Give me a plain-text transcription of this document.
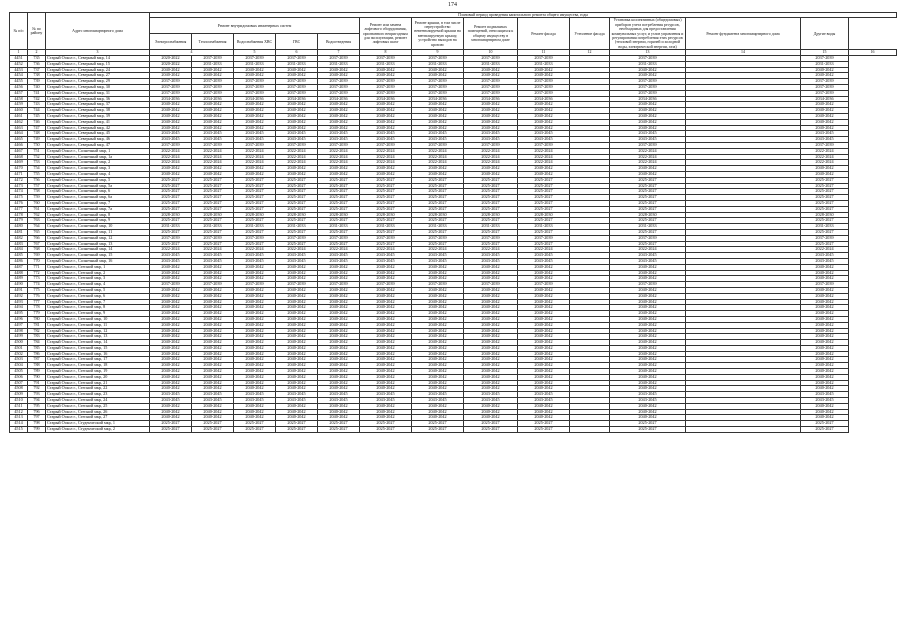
174
№ п/п	№ по району	Адрес многоквартирного дома	Плановый период проведения капитального ремонта общего имущества, годы													
			Ремонт внутридомовых инженерных систем					Ремонт или замена лифтового оборудования, признанного непригодным для эксплуатации, ремонт лифтовых шахт	Ремонт крыши, в том числе переустройство невентилируемой крыши на вентилируемую крышу, устройство выходов на кровлю	Ремонт подвальных помещений, относящихся к общему имуществу в многоквартирном доме	Ремонт фасада	Утепление фасада	Установка коллективных (общедомовых) приборов учета потребления ресурсов, необходимых для предоставления коммунальных услуг, и узлов управления и регулирования потребления этих ресурсов (тепловой энергии, горячей и холодной воды, электрической энергии, газа)	Ремонт фундамента многоквартирного дома	Другие виды	
			Электроснабжения	Теплоснабжения	Водоснабжения ХВС	ГВС	Водоотведения									
1	2	3	4		5	6	7	8	9	10	11	12	13	14	15	16
4451	735	Старый Оскол г., Северный мкр, 14	2020-2022	2037-2039	2037-2039	2037-2039	2037-2039	2037-2039	2037-2039	2037-2039	2037-2039		2037-2039		2037-2039	
4452	736	Старый Оскол г., Северный мкр, 15	2020-2022	2031-2033	2031-2033	2031-2033	2031-2033	2031-2033	2031-2033	2031-2033	2031-2033		2031-2033		2031-2033	
4453	737	Старый Оскол г., Северный мкр, 24	2040-2042	2040-2042	2040-2042	2040-2042	2040-2042	2040-2042	2040-2042	2040-2042	2040-2042		2040-2042		2040-2042	
4454	738	Старый Оскол г., Северный мкр, 27	2040-2042	2040-2042	2040-2042	2040-2042	2040-2042	2040-2042	2040-2042	2040-2042	2040-2042		2040-2042		2040-2042	
4455	739	Старый Оскол г., Северный мкр, 29	2037-2039	2037-2039	2037-2039	2037-2039	2037-2039	2037-2039	2037-2039	2037-2039	2037-2039		2037-2039		2037-2039	
4456	740	Старый Оскол г., Северный мкр, 30	2037-2039	2037-2039	2037-2039	2037-2039	2037-2039	2037-2039	2037-2039	2037-2039	2037-2039		2037-2039		2037-2039	
4457	741	Старый Оскол г., Северный мкр, 31	2037-2039	2037-2039	2037-2039	2037-2039	2037-2039	2037-2039	2037-2039	2037-2039	2037-2039		2037-2039		2037-2039	
4458	742	Старый Оскол г., Северный мкр, 36	2034-2036	2034-2036	2034-2036	2034-2036	2034-2036	2034-2036	2034-2036	2034-2036	2034-2036		2034-2036		2034-2036	
4459	743	Старый Оскол г., Северный мкр, 37	2040-2042	2040-2042	2040-2042	2040-2042	2040-2042	2040-2042	2040-2042	2040-2042	2040-2042		2040-2042		2040-2042	
4460	744	Старый Оскол г., Северный мкр, 38	2040-2042	2040-2042	2040-2042	2040-2042	2040-2042	2040-2042	2040-2042	2040-2042	2040-2042		2040-2042		2040-2042	
4461	745	Старый Оскол г., Северный мкр, 39	2040-2042	2040-2042	2040-2042	2040-2042	2040-2042	2040-2042	2040-2042	2040-2042	2040-2042		2040-2042		2040-2042	
4462	746	Старый Оскол г., Северный мкр, 41	2040-2042	2040-2042	2040-2042	2040-2042	2040-2042	2040-2042	2040-2042	2040-2042	2040-2042		2040-2042		2040-2042	
4463	747	Старый Оскол г., Северный мкр, 42	2040-2042	2040-2042	2040-2042	2040-2042	2040-2042	2040-2042	2040-2042	2040-2042	2040-2042		2040-2042		2040-2042	
4464	748	Старый Оскол г., Северный мкр, 45	2043-2045	2043-2045	2043-2045	2043-2045	2043-2045	2043-2045	2043-2045	2043-2045	2043-2045		2043-2045		2043-2045	
4465	749	Старый Оскол г., Северный мкр, 46	2043-2045	2043-2045	2043-2045	2043-2045	2043-2045	2043-2045	2043-2045	2043-2045	2043-2045		2043-2045		2043-2045	
4466	750	Старый Оскол г., Северный мкр, 47	2037-2039	2037-2039	2037-2039	2037-2039	2037-2039	2037-2039	2037-2039	2037-2039	2037-2039		2037-2039		2037-2039	
4467	751	Старый Оскол г., Солнечный мкр, 1	2022-2024	2022-2024	2022-2024	2022-2024	2022-2024	2022-2024	2022-2024	2022-2024	2022-2024		2022-2024		2022-2024	
4468	752	Старый Оскол г., Солнечный мкр, 1а	2022-2024	2022-2024	2022-2024	2022-2024	2022-2024	2022-2024	2022-2024	2022-2024	2022-2024		2022-2024		2022-2024	
4469	753	Старый Оскол г., Солнечный мкр, 2	2022-2024	2022-2024	2022-2024	2022-2024	2022-2024	2022-2024	2022-2024	2022-2024	2022-2024		2022-2024		2022-2024	
4470	754	Старый Оскол г., Солнечный мкр, 3	2040-2042	2040-2042	2040-2042	2040-2042	2040-2042	2040-2042	2040-2042	2040-2042	2040-2042		2040-2042		2040-2042	
4471	755	Старый Оскол г., Солнечный мкр, 4	2040-2042	2040-2042	2040-2042	2040-2042	2040-2042	2040-2042	2040-2042	2040-2042	2040-2042		2040-2042		2040-2042	
4472	756	Старый Оскол г., Солнечный мкр, 5	2025-2027	2025-2027	2025-2027	2025-2027	2025-2027	2025-2027	2025-2027	2025-2027	2025-2027		2025-2027		2025-2027	
4473	757	Старый Оскол г., Солнечный мкр, 5а	2025-2027	2025-2027	2025-2027	2025-2027	2025-2027	2025-2027	2025-2027	2025-2027	2025-2027		2025-2027		2025-2027	
4474	758	Старый Оскол г., Солнечный мкр, 6	2025-2027	2025-2027	2025-2027	2025-2027	2025-2027	2025-2027	2025-2027	2025-2027	2025-2027		2025-2027		2025-2027	
4475	759	Старый Оскол г., Солнечный мкр, 6а	2025-2027	2025-2027	2025-2027	2025-2027	2025-2027	2025-2027	2025-2027	2025-2027	2025-2027		2025-2027		2025-2027	
4476	760	Старый Оскол г., Солнечный мкр, 7	2025-2027	2025-2027	2025-2027	2025-2027	2025-2027	2025-2027	2025-2027	2025-2027	2025-2027		2025-2027		2025-2027	
4477	761	Старый Оскол г., Солнечный мкр, 7а	2025-2027	2025-2027	2025-2027	2025-2027	2025-2027	2025-2027	2025-2027	2025-2027	2025-2027		2025-2027		2025-2027	
4478	762	Старый Оскол г., Солнечный мкр, 8	2028-2030	2028-2030	2028-2030	2028-2030	2028-2030	2028-2030	2028-2030	2028-2030	2028-2030		2028-2030		2028-2030	
4479	763	Старый Оскол г., Солнечный мкр, 9	2025-2027	2025-2027	2025-2027	2025-2027	2025-2027	2025-2027	2025-2027	2025-2027	2025-2027		2025-2027		2025-2027	
4480	764	Старый Оскол г., Солнечный мкр, 10	2031-2033	2031-2033	2031-2033	2031-2033	2031-2033	2031-2033	2031-2033	2031-2033	2031-2033		2031-2033		2031-2033	
4481	765	Старый Оскол г., Солнечный мкр, 11	2025-2027	2025-2027	2025-2027	2025-2027	2025-2027	2025-2027	2025-2027	2025-2027	2025-2027		2025-2027		2025-2027	
4482	766	Старый Оскол г., Солнечный мкр, 12	2037-2039	2037-2039	2037-2039	2037-2039	2037-2039	2037-2039	2037-2039	2037-2039	2037-2039		2037-2039		2037-2039	
4483	767	Старый Оскол г., Солнечный мкр, 13	2025-2027	2025-2027	2025-2027	2025-2027	2025-2027	2025-2027	2025-2027	2025-2027	2025-2027		2025-2027		2025-2027	
4484	768	Старый Оскол г., Солнечный мкр, 14	2022-2024	2022-2024	2022-2024	2022-2024	2022-2024	2022-2024	2022-2024	2022-2024	2022-2024		2022-2024		2022-2024	
4485	769	Старый Оскол г., Солнечный мкр, 15	2043-2045	2043-2045	2043-2045	2043-2045	2043-2045	2043-2045	2043-2045	2043-2045	2043-2045		2043-2045		2043-2045	
4486	770	Старый Оскол г., Солнечный мкр, 16	2043-2045	2043-2045	2043-2045	2043-2045	2043-2045	2043-2045	2043-2045	2043-2045	2043-2045		2043-2045		2043-2045	
4487	771	Старый Оскол г., Степной мкр, 1	2040-2042	2040-2042	2040-2042	2040-2042	2040-2042	2040-2042	2040-2042	2040-2042	2040-2042		2040-2042		2040-2042	
4488	772	Старый Оскол г., Степной мкр, 2	2040-2042	2040-2042	2040-2042	2040-2042	2040-2042	2040-2042	2040-2042	2040-2042	2040-2042		2040-2042		2040-2042	
4489	773	Старый Оскол г., Степной мкр, 3	2040-2042	2040-2042	2040-2042	2040-2042	2040-2042	2040-2042	2040-2042	2040-2042	2040-2042		2040-2042		2040-2042	
4490	774	Старый Оскол г., Степной мкр, 4	2037-2039	2037-2039	2037-2039	2037-2039	2037-2039	2037-2039	2037-2039	2037-2039	2037-2039		2037-2039		2037-2039	
4491	775	Старый Оскол г., Степной мкр, 5	2040-2042	2040-2042	2040-2042	2040-2042	2040-2042	2040-2042	2040-2042	2040-2042	2040-2042		2040-2042		2040-2042	
4492	776	Старый Оскол г., Степной мкр, 6	2040-2042	2040-2042	2040-2042	2040-2042	2040-2042	2040-2042	2040-2042	2040-2042	2040-2042		2040-2042		2040-2042	
4493	777	Старый Оскол г., Степной мкр, 7	2040-2042	2040-2042	2040-2042	2040-2042	2040-2042	2040-2042	2040-2042	2040-2042	2040-2042		2040-2042		2040-2042	
4494	778	Старый Оскол г., Степной мкр, 8	2040-2042	2040-2042	2040-2042	2040-2042	2040-2042	2040-2042	2040-2042	2040-2042	2040-2042		2040-2042		2040-2042	
4495	779	Старый Оскол г., Степной мкр, 9	2040-2042	2040-2042	2040-2042	2040-2042	2040-2042	2040-2042	2040-2042	2040-2042	2040-2042		2040-2042		2040-2042	
4496	780	Старый Оскол г., Степной мкр, 10	2040-2042	2040-2042	2040-2042	2040-2042	2040-2042	2040-2042	2040-2042	2040-2042	2040-2042		2040-2042		2040-2042	
4497	781	Старый Оскол г., Степной мкр, 11	2040-2042	2040-2042	2040-2042	2040-2042	2040-2042	2040-2042	2040-2042	2040-2042	2040-2042		2040-2042		2040-2042	
4498	782	Старый Оскол г., Степной мкр, 12	2040-2042	2040-2042	2040-2042	2040-2042	2040-2042	2040-2042	2040-2042	2040-2042	2040-2042		2040-2042		2040-2042	
4499	783	Старый Оскол г., Степной мкр, 13	2040-2042	2040-2042	2040-2042	2040-2042	2040-2042	2040-2042	2040-2042	2040-2042	2040-2042		2040-2042		2040-2042	
4500	784	Старый Оскол г., Степной мкр, 14	2040-2042	2040-2042	2040-2042	2040-2042	2040-2042	2040-2042	2040-2042	2040-2042	2040-2042		2040-2042		2040-2042	
4501	785	Старый Оскол г., Степной мкр, 15	2040-2042	2040-2042	2040-2042	2040-2042	2040-2042	2040-2042	2040-2042	2040-2042	2040-2042		2040-2042		2040-2042	
4502	786	Старый Оскол г., Степной мкр, 16	2040-2042	2040-2042	2040-2042	2040-2042	2040-2042	2040-2042	2040-2042	2040-2042	2040-2042		2040-2042		2040-2042	
4503	787	Старый Оскол г., Степной мкр, 17	2040-2042	2040-2042	2040-2042	2040-2042	2040-2042	2040-2042	2040-2042	2040-2042	2040-2042		2040-2042		2040-2042	
4504	788	Старый Оскол г., Степной мкр, 18	2040-2042	2040-2042	2040-2042	2040-2042	2040-2042	2040-2042	2040-2042	2040-2042	2040-2042		2040-2042		2040-2042	
4505	789	Старый Оскол г., Степной мкр, 19	2040-2042	2040-2042	2040-2042	2040-2042	2040-2042	2040-2042	2040-2042	2040-2042	2040-2042		2040-2042		2040-2042	
4506	790	Старый Оскол г., Степной мкр, 20	2040-2042	2040-2042	2040-2042	2040-2042	2040-2042	2040-2042	2040-2042	2040-2042	2040-2042		2040-2042		2040-2042	
4507	791	Старый Оскол г., Степной мкр, 21	2040-2042	2040-2042	2040-2042	2040-2042	2040-2042	2040-2042	2040-2042	2040-2042	2040-2042		2040-2042		2040-2042	
4508	792	Старый Оскол г., Степной мкр, 22	2040-2042	2040-2042	2040-2042	2040-2042	2040-2042	2040-2042	2040-2042	2040-2042	2040-2042		2040-2042		2040-2042	
4509	793	Старый Оскол г., Степной мкр, 23	2043-2045	2043-2045	2043-2045	2043-2045	2043-2045	2043-2045	2043-2045	2043-2045	2043-2045		2043-2045		2043-2045	
4510	794	Старый Оскол г., Степной мкр, 24	2043-2045	2043-2045	2043-2045	2043-2045	2043-2045	2043-2045	2043-2045	2043-2045	2043-2045		2043-2045		2043-2045	
4511	795	Старый Оскол г., Степной мкр, 25	2040-2042	2040-2042	2040-2042	2040-2042	2040-2042	2040-2042	2040-2042	2040-2042	2040-2042		2040-2042		2040-2042	
4512	796	Старый Оскол г., Степной мкр, 26	2040-2042	2040-2042	2040-2042	2040-2042	2040-2042	2040-2042	2040-2042	2040-2042	2040-2042		2040-2042		2040-2042	
4513	797	Старый Оскол г., Степной мкр, 27	2040-2042	2040-2042	2040-2042	2040-2042	2040-2042	2040-2042	2040-2042	2040-2042	2040-2042		2040-2042		2040-2042	
4514	798	Старый Оскол г., Студенческий мкр, 1	2025-2027	2025-2027	2025-2027	2025-2027	2025-2027	2025-2027	2025-2027	2025-2027	2025-2027		2025-2027		2025-2027	
4515	799	Старый Оскол г., Студенческий мкр, 2	2025-2027	2025-2027	2025-2027	2025-2027	2025-2027	2025-2027	2025-2027	2025-2027	2025-2027		2025-2027		2025-2027	
